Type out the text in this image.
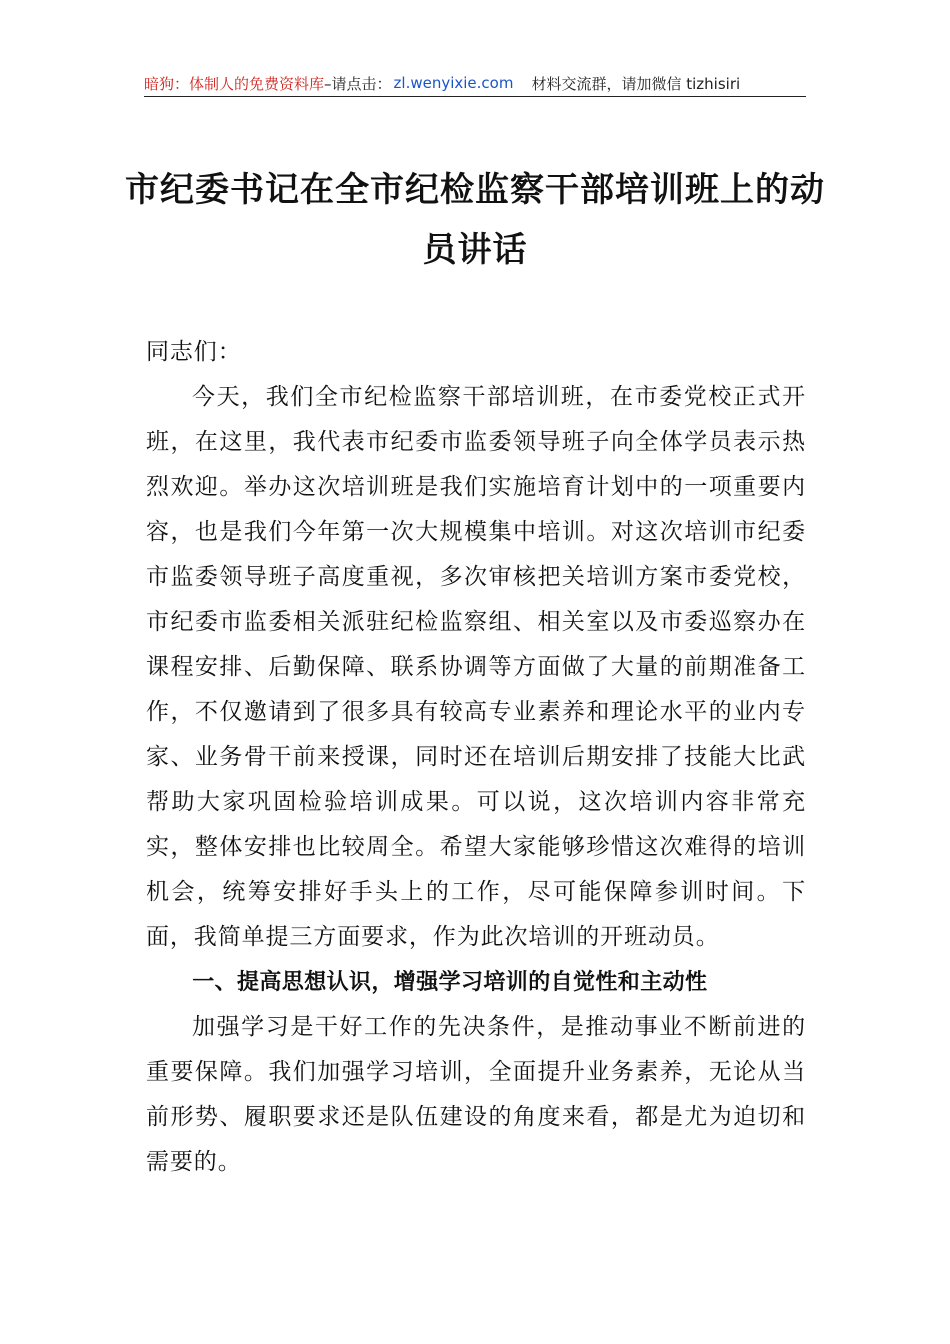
暗狗：体制人的免费资料库 –请点击： zl.wenyixie.com 材料交流群，请加微信 tizhisiri
市纪委书记在全市纪检监察干部培训班上的动员讲话

同志们：

今天，我们全市纪检监察干部培训班，在市委党校正式开班，在这里，我代表市纪委市监委领导班子向全体学员表示热烈欢迎。举办这次培训班是我们实施培育计划中的一项重要内容，也是我们今年第一次大规模集中培训。对这次培训市纪委市监委领导班子高度重视，多次审核把关培训方案市委党校，市纪委市监委相关派驻纪检监察组、相关室以及市委巡察办在课程安排、后勤保障、联系协调等方面做了大量的前期准备工作，不仅邀请到了很多具有较高专业素养和理论水平的业内专家、业务骨干前来授课，同时还在培训后期安排了技能大比武帮助大家巩固检验培训成果。可以说，这次培训内容非常充实，整体安排也比较周全。希望大家能够珍惜这次难得的培训机会，统筹安排好手头上的工作，尽可能保障参训时间。下面，我简单提三方面要求，作为此次培训的开班动员。

一、提高思想认识，增强学习培训的自觉性和主动性

加强学习是干好工作的先决条件，是推动事业不断前进的重要保障。我们加强学习培训，全面提升业务素养，无论从当前形势、履职要求还是队伍建设的角度来看，都是尤为迫切和需要的。
